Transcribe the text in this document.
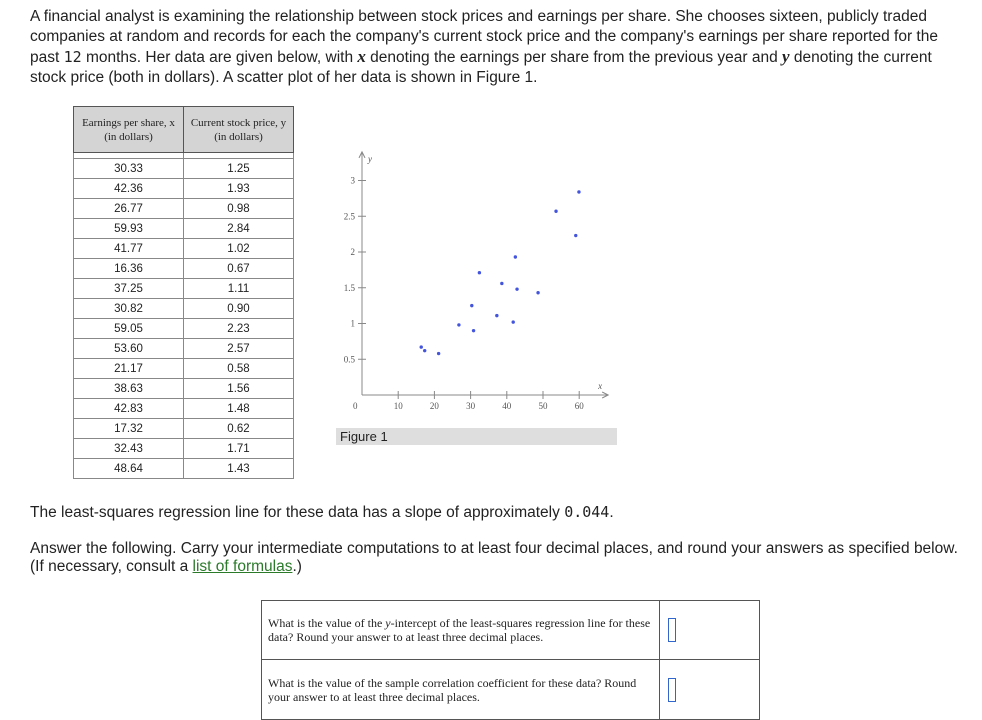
A financial analyst is examining the relationship between stock prices and earnings per share. She chooses sixteen, publicly traded companies at random and records for each the company's current stock price and the company's earnings per share reported for the past 12 months. Her data are given below, with x denoting the earnings per share from the previous year and y denoting the current stock price (both in dollars). A scatter plot of her data is shown in Figure 1.

Earnings per share, x
(in dollars)	Current stock price, y
(in dollars)

30.33	1.25
42.36	1.93
26.77	0.98
59.93	2.84
41.77	1.02
16.36	0.67
37.25	1.11
30.82	0.90
59.05	2.23
53.60	2.57
21.17	0.58
38.63	1.56
42.83	1.48
17.32	0.62
32.43	1.71
48.64	1.43
x
y
0	10	20	30	40	50	60
0.5
1
1.5
2
2.5
3
Figure 1

The least-squares regression line for these data has a slope of approximately 0.044.

Answer the following. Carry your intermediate computations to at least four decimal places, and round your answers as specified below. (If necessary, consult a list of formulas.)

What is the value of the y-intercept of the least-squares regression line for these data? Round your answer to at least three decimal places.	
What is the value of the sample correlation coefficient for these data? Round your answer to at least three decimal places.	
